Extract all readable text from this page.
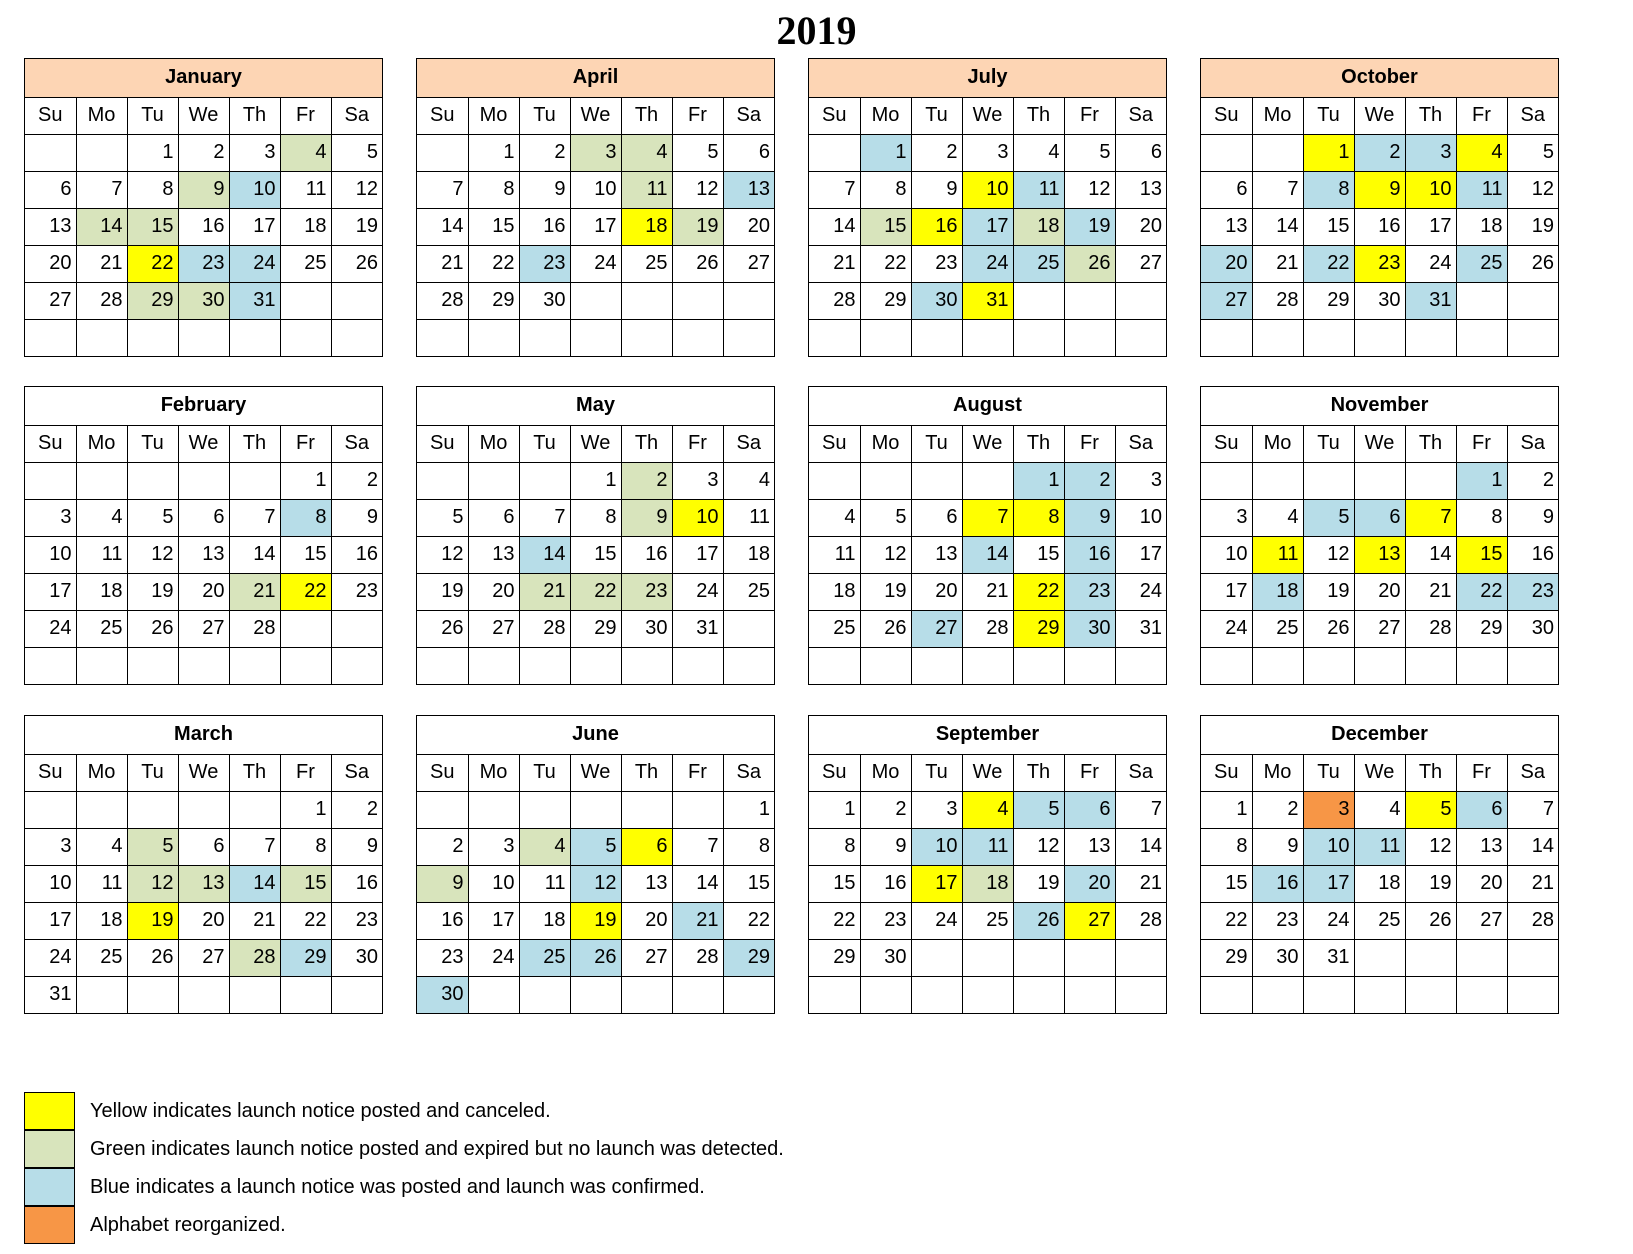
2019
January						
Su	Mo	Tu	We	Th	Fr	Sa
		1	2	3	4	5
6	7	8	9	10	11	12
13	14	15	16	17	18	19
20	21	22	23	24	25	26
27	28	29	30	31		

April						
Su	Mo	Tu	We	Th	Fr	Sa
	1	2	3	4	5	6
7	8	9	10	11	12	13
14	15	16	17	18	19	20
21	22	23	24	25	26	27
28	29	30				

July						
Su	Mo	Tu	We	Th	Fr	Sa
	1	2	3	4	5	6
7	8	9	10	11	12	13
14	15	16	17	18	19	20
21	22	23	24	25	26	27
28	29	30	31			

October						
Su	Mo	Tu	We	Th	Fr	Sa
		1	2	3	4	5
6	7	8	9	10	11	12
13	14	15	16	17	18	19
20	21	22	23	24	25	26
27	28	29	30	31		

February						
Su	Mo	Tu	We	Th	Fr	Sa
					1	2
3	4	5	6	7	8	9
10	11	12	13	14	15	16
17	18	19	20	21	22	23
24	25	26	27	28		

May						
Su	Mo	Tu	We	Th	Fr	Sa
			1	2	3	4
5	6	7	8	9	10	11
12	13	14	15	16	17	18
19	20	21	22	23	24	25
26	27	28	29	30	31	

August						
Su	Mo	Tu	We	Th	Fr	Sa
				1	2	3
4	5	6	7	8	9	10
11	12	13	14	15	16	17
18	19	20	21	22	23	24
25	26	27	28	29	30	31

November						
Su	Mo	Tu	We	Th	Fr	Sa
					1	2
3	4	5	6	7	8	9
10	11	12	13	14	15	16
17	18	19	20	21	22	23
24	25	26	27	28	29	30

March						
Su	Mo	Tu	We	Th	Fr	Sa
					1	2
3	4	5	6	7	8	9
10	11	12	13	14	15	16
17	18	19	20	21	22	23
24	25	26	27	28	29	30
31						
June						
Su	Mo	Tu	We	Th	Fr	Sa
						1
2	3	4	5	6	7	8
9	10	11	12	13	14	15
16	17	18	19	20	21	22
23	24	25	26	27	28	29
30						
September						
Su	Mo	Tu	We	Th	Fr	Sa
1	2	3	4	5	6	7
8	9	10	11	12	13	14
15	16	17	18	19	20	21
22	23	24	25	26	27	28
29	30					

December						
Su	Mo	Tu	We	Th	Fr	Sa
1	2	3	4	5	6	7
8	9	10	11	12	13	14
15	16	17	18	19	20	21
22	23	24	25	26	27	28
29	30	31				

Yellow indicates launch notice posted and canceled.
Green indicates launch notice posted and expired but no launch was detected.
Blue indicates a launch notice was posted and launch was confirmed.
Alphabet reorganized.
